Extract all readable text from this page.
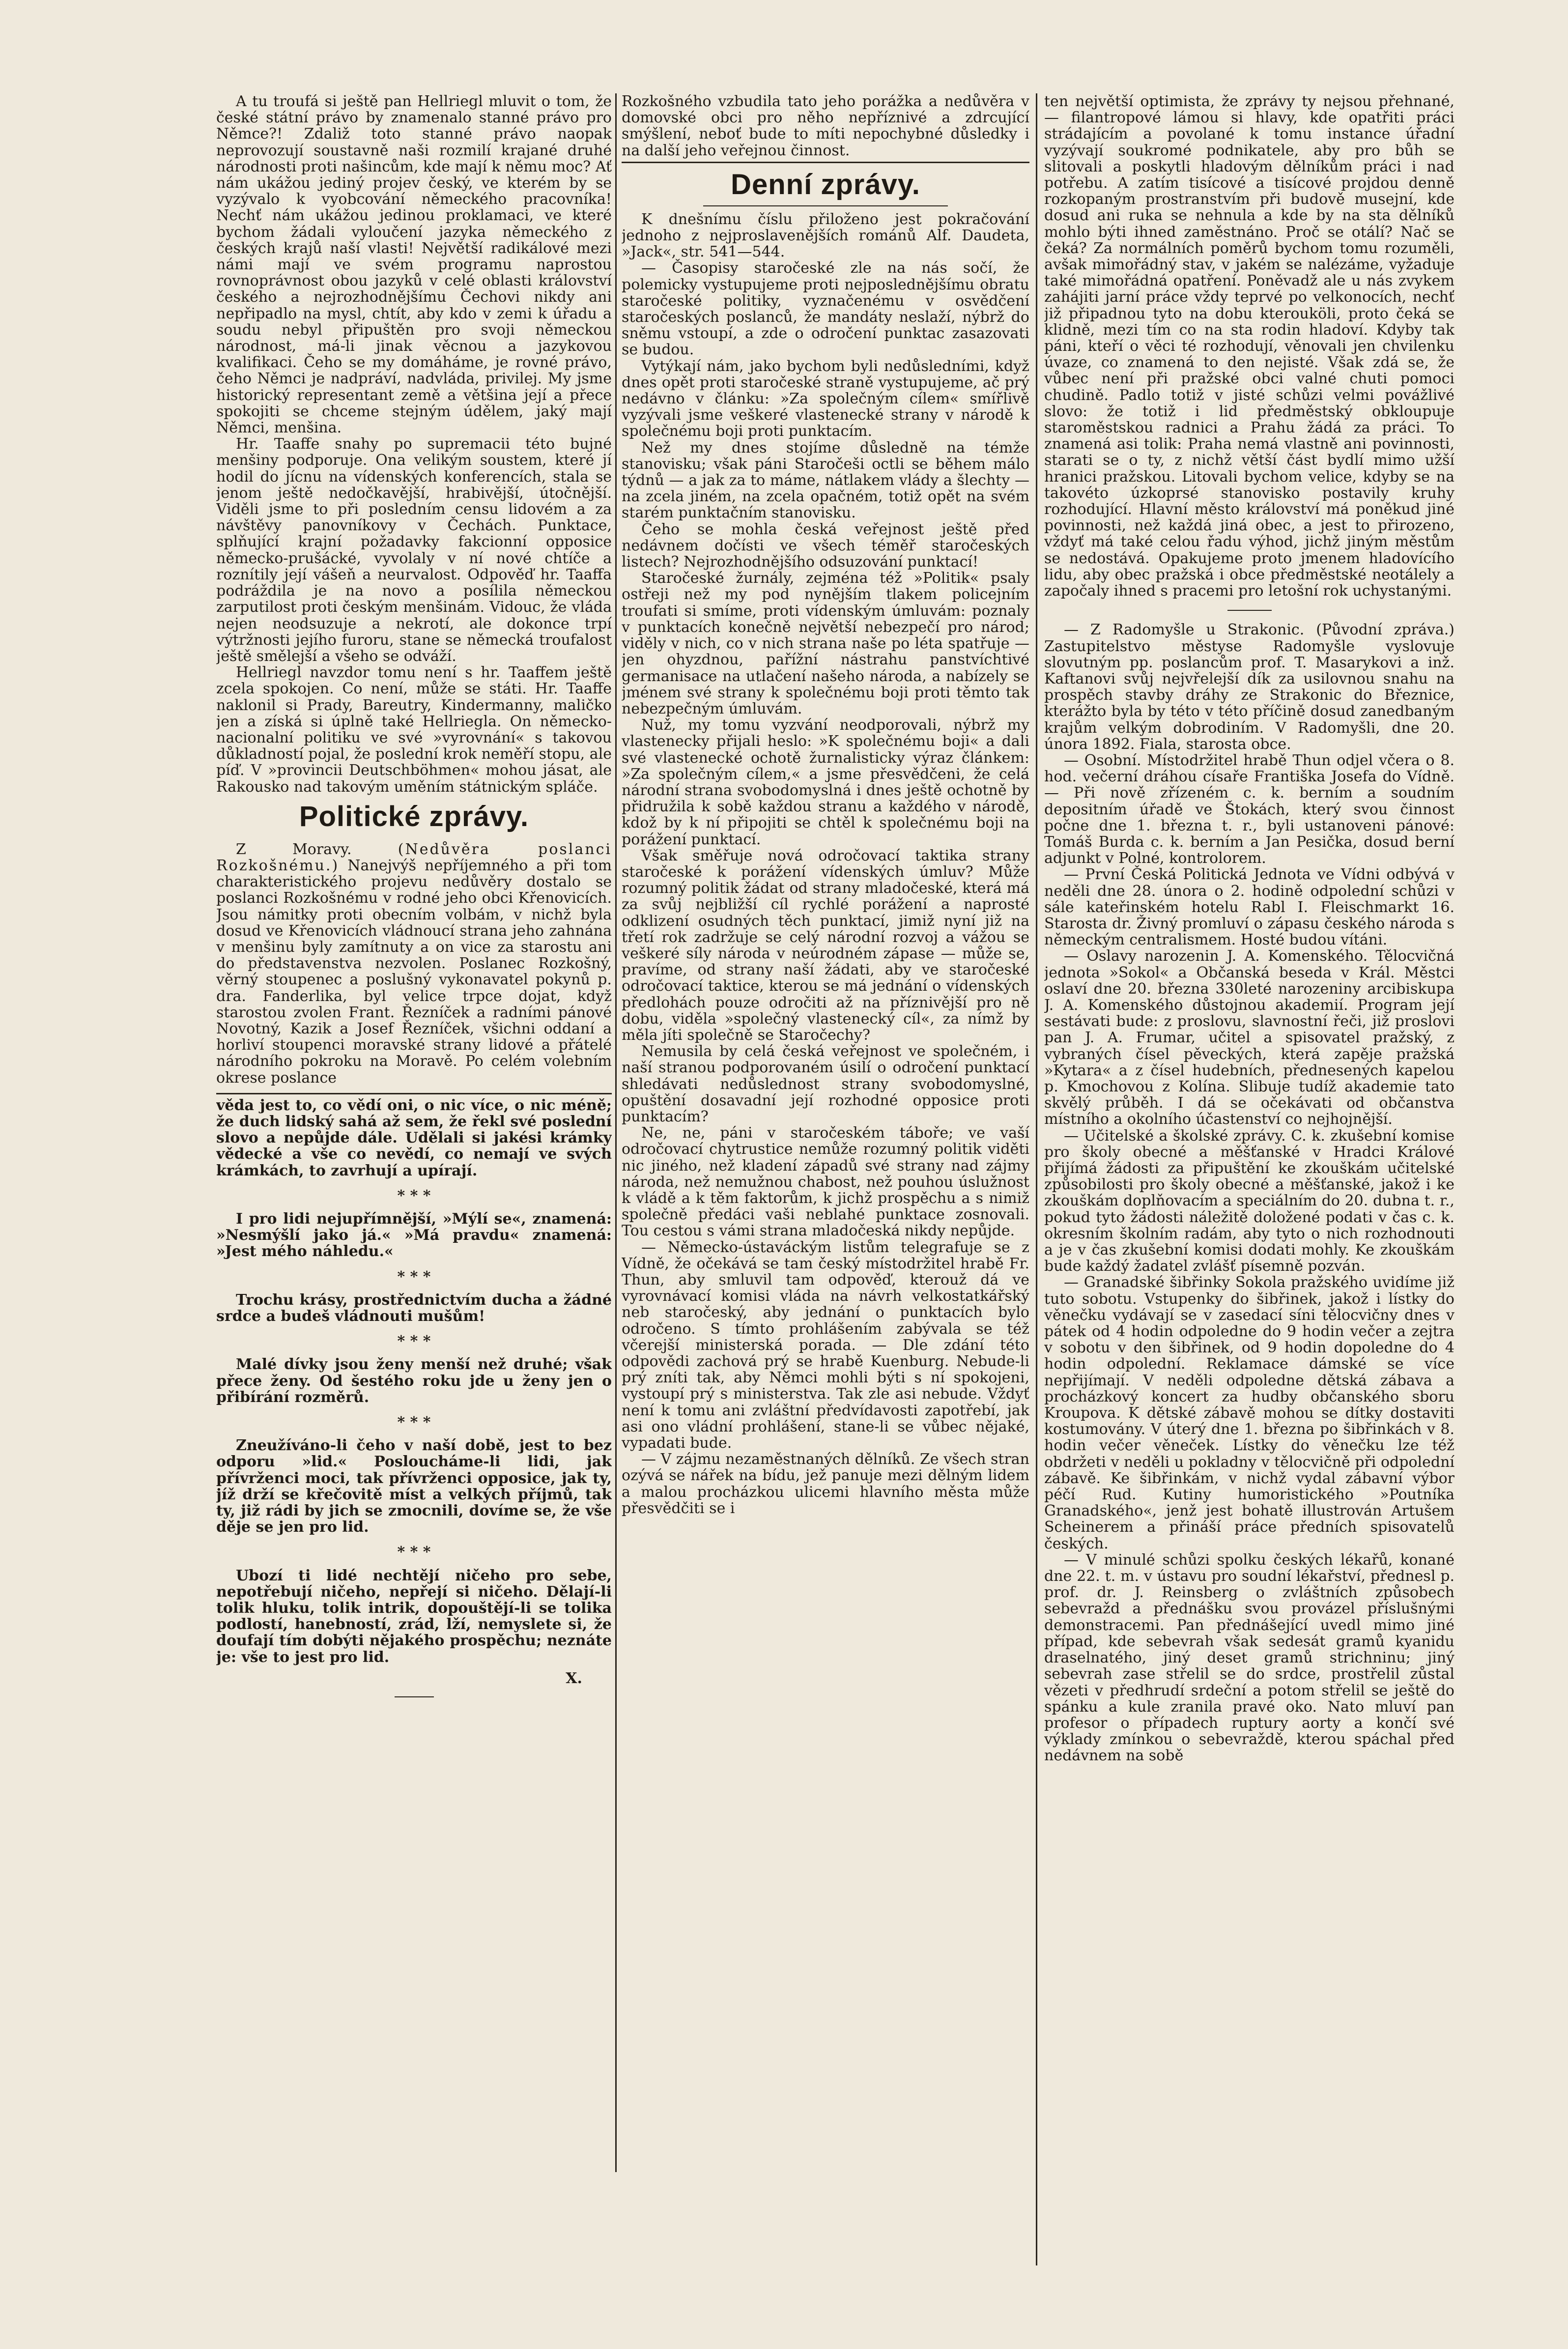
A tu troufá si ještě pan Hellriegl mluvit o tom, že české státní právo by znamenalo stanné právo pro Němce?! Zdaliž toto stanné právo naopak neprovozují soustavně naši rozmilí krajané druhé národnosti proti našincům, kde mají k němu moc? Ať nám ukážou jediný projev český, ve kterém by se vyzývalo k vyobcování německého pracovníka! Nechť nám ukážou jedinou proklamaci, ve které bychom žádali vyloučení jazyka německého z českých krajů naší vlasti! Největší radikálové mezi námi mají ve svém programu naprostou rovnoprávnost obou jazyků v celé oblasti království českého a nejrozhodnějšímu Čechovi nikdy ani nepřipadlo na mysl, chtít, aby kdo v zemi k úřadu a soudu nebyl připuštěn pro svoji německou národnost, má-li jinak věcnou a jazykovou kvalifikaci. Čeho se my domáháme, je rovné právo, čeho Němci je nadpráví, nadvláda, privilej. My jsme historický representant země a většina její a přece spokojiti se chceme stejným údělem, jaký mají Němci, menšina.

Hr. Taaffe snahy po supremacii této bujné menšiny podporuje. Ona velikým soustem, které jí hodil do jícnu na vídenských konferencích, stala se jenom ještě nedočkavější, hrabivější, útočnější. Viděli jsme to při posledním censu lidovém a za návštěvy panovníkovy v Čechách. Punktace, splňující krajní požadavky fakcionní opposice německo-prušácké, vyvolaly v ní nové chtíče a roznítily její vášeň a neurvalost. Odpověď hr. Taaffa podráždila je na novo a posílila německou zarputilost proti českým menšinám. Vidouc, že vláda nejen neodsuzuje a nekrotí, ale dokonce trpí výtržnosti jejího furoru, stane se německá troufalost ještě smělejší a všeho se odváží.

Hellriegl navzdor tomu není s hr. Taaffem ještě zcela spokojen. Co není, může se státi. Hr. Taaffe naklonil si Prady, Bareutry, Kindermanny, maličko jen a získá si úplně také Hellriegla. On německo-nacionalní politiku ve své »vyrovnání« s takovou důkladností pojal, že poslední krok neměří stopu, ale píď. V »provincii Deutschböhmen« mohou jásat, ale Rakousko nad takovým uměním státnickým spláče.

Politické zprávy.

Z Moravy.	(Nedůvěra poslanci Rozkošnému.) Nanejvýš nepříjemného a při tom charakteristického projevu nedůvěry dostalo se poslanci Rozkošnému v rodné jeho obci Křenovicích. Jsou námitky proti obecním volbám, v nichž byla dosud ve Křenovicích vládnoucí strana jeho zahnána v menšinu byly zamítnuty a on vice za starostu ani do představenstva nezvolen. Poslanec Rozkošný, věrný stoupenec a poslušný vykonavatel pokynů p. dra. Fanderlika, byl velice trpce dojat, když starostou zvolen Frant. Řezníček a radními pánové Novotný, Kazik a Josef Řezníček, všichni oddaní a horliví stoupenci moravské strany lidové a přátelé národního pokroku na Moravě. Po celém volebním okrese poslance

věda jest to, co vědí oni, o nic více, o nic méně; že duch lidský sahá až sem, že řekl své poslední slovo a nepůjde dále. Udělali si jakési krámky vědecké a vše co nevědí, co nemají ve svých krámkách, to zavrhují a upírají.

* * *

I pro lidi nejupřímnější, »Mýlí se«, znamená: »Nesmýšlí jako já.« »Má pravdu« znamená: »Jest mého náhledu.«

* * *

Trochu krásy, prostřednictvím ducha a žádné srdce a budeš vládnouti mušům!

* * *

Malé dívky jsou ženy menší než druhé; však přece ženy. Od šestého roku jde u ženy jen o přibírání rozměrů.

* * *

Zneužíváno-li čeho v naší době, jest to bez odporu »lid.« Posloucháme-li lidi, jak přívrženci moci, tak přívrženci opposice, jak ty, jíž drží se křečovitě míst a velkých příjmů, tak ty, již rádi by jich se zmocnili, dovíme se, že vše děje se jen pro lid.

* * *

Ubozí ti lidé nechtějí ničeho pro sebe, nepotřebují ničeho, nepřejí si ničeho. Dělají-li tolik hluku, tolik intrik, dopouštějí-li se tolika podlostí, hanebností, zrád, lží, nemyslete si, že doufají tím dobýti nějakého prospěchu; neznáte je: vše to jest pro lid.

X.

Rozkošného vzbudila tato jeho porážka a nedůvěra v domovské obci pro něho nepříznivé a zdrcující smýšlení, neboť bude to míti nepochybné důsledky i na další jeho veřejnou činnost.

Denní zprávy.

K dnešnímu číslu přiloženo jest pokračování jednoho z nejproslavenějších románů Alf. Daudeta, »Jack«, str. 541—544.

— Časopisy staročeské zle na nás sočí, že polemicky vystupujeme proti nejposlednějšímu obratu staročeské politiky, vyznačenému v osvědčení staročeských poslanců, že mandáty neslaží, nýbrž do sněmu vstoupí, a zde o odročení punktac zasazovati se budou.

Vytýkají nám, jako bychom byli nedůsledními, když dnes opět proti staročeské straně vystupujeme, ač prý nedávno v článku: »Za společným cílem« smířlivě vyzývali jsme veškeré vlastenecké strany v národě k společnému boji proti punktacím.

Než my dnes stojíme důsledně na témže stanovisku; však páni Staročeši octli se během málo týdnů — a jak za to máme, nátlakem vlády a šlechty — na zcela jiném, na zcela opačném, totiž opět na svém starém punktačním stanovisku.

Čeho se mohla česká veřejnost ještě před nedávnem dočísti ve všech téměř staročeských listech? Nejrozhodnějšího odsuzování punktací!

Staročeské žurnály, zejména též »Politik« psaly ostřeji než my pod nynějším tlakem policejním troufati si smíme, proti vídenským úmluvám: poznaly v punktacích konečně největší nebezpečí pro národ; viděly v nich, co v nich strana naše po léta spatřuje — jen ohyzdnou, pařížní nástrahu panstvíchtivé germanisace na utlačení našeho národa, a nabízely se jménem své strany k společnému boji proti těmto tak nebezpečným úmluvám.

Nuž, my tomu vyzvání neodporovali, nýbrž my vlastenecky přijali heslo: »K společnému boji« a dali své vlastenecké ochotě žurnalisticky výraz článkem: »Za společným cílem,« a jsme přesvědčeni, že celá národní strana svobodomyslná i dnes ještě ochotně by přidružila k sobě každou stranu a každého v národě, kdož by k ní připojiti se chtěl k společnému boji na porážení punktací.

Však směřuje nová odročovací taktika strany staročeské k porážení vídenských úmluv? Může rozumný politik žádat od strany mladočeské, která má za svůj nejbližší cíl rychlé porážení a naprosté odklizení osudných těch punktací, jimiž nyní již na třetí rok zadržuje se celý národní rozvoj a vážou se veškeré síly národa v neúrodném zápase — může se, pravíme, od strany naší žádati, aby ve staročeské odročovací taktice, kterou se má jednání o vídenských předlohách pouze odročiti až na příznivější pro ně dobu, viděla »společný vlastenecký cíl«, za nímž by měla jíti společně se Staročechy?

Nemusila by celá česká veřejnost ve společném, i naší stranou podporovaném úsilí o odročení punktací shledávati nedůslednost strany svobodomyslné, opuštění dosavadní její rozhodné opposice proti punktacím?

Ne, ne, páni v staročeském táboře; ve vaší odročovací chytrustice nemůže rozumný politik viděti nic jiného, než kladení západů své strany nad zájmy národa, než nemužnou chabost, než pouhou úslužnost k vládě a k těm faktorům, k jichž prospěchu a s nimiž společně předáci vaši neblahé punktace zosnovali. Tou cestou s vámi strana mladočeská nikdy nepůjde.

— Německo-ústaváckým listům telegrafuje se z Vídně, že očekává se tam český místodržitel hrabě Fr. Thun, aby smluvil tam odpověď, kterouž dá ve vyrovnávací komisi vláda na návrh velkostatkářský neb staročeský, aby jednání o punktacích bylo odročeno. S tímto prohlášením zabývala se též včerejší ministerská porada. — Dle zdání této odpovědi zachová prý se hrabě Kuenburg. Nebude-li prý zníti tak, aby Němci mohli býti s ní spokojeni, vystoupí prý s ministerstva. Tak zle asi nebude. Vždyť není k tomu ani zvláštní předvídavosti zapotřebí, jak asi ono vládní prohlášení, stane-li se vůbec nějaké, vypadati bude.

— V zájmu nezaměstnaných dělníků. Ze všech stran ozývá se nářek na bídu, jež panuje mezi dělným lidem a malou procházkou ulicemi hlavního města může přesvědčiti se i

ten největší optimista, že zprávy ty nejsou přehnané, — filantropové lámou si hlavy, kde opatřiti práci strádajícím a povolané k tomu instance úřadní vyzývají soukromé podnikatele, aby pro bůh se slitovali a poskytli hladovým dělníkům práci i nad potřebu. A zatím tisícové a tisícové projdou denně rozkopaným prostranstvím při budově musejní, kde dosud ani ruka se nehnula a kde by na sta dělníků mohlo býti ihned zaměstnáno. Proč se otálí? Nač se čeká? Za normálních poměrů bychom tomu rozuměli, avšak mimořádný stav, v jakém se nalézáme, vyžaduje také mimořádná opatření. Poněvadž ale u nás zvykem zahájiti jarní práce vždy teprvé po velkonocích, nechť již připadnou tyto na dobu kterouköli, proto čeká se klidně, mezi tím co na sta rodin hladoví. Kdyby tak páni, kteří o věci té rozhodují, věnovali jen chvilenku úvaze, co znamená to den nejisté. Však zdá se, že vůbec není při pražské obci valné chuti pomoci chudině. Padlo totiž v jisté schůzi velmi povážlivé slovo: že totiž i lid předměstský obkloupuje staroměstskou radnici a Prahu žádá za práci. To znamená asi tolik: Praha nemá vlastně ani povinnosti, starati se o ty, z nichž větší část bydlí mimo užší hranici pražskou. Litovali bychom velice, kdyby se na takovéto úzkoprsé stanovisko postavily kruhy rozhodující. Hlavní město království má poněkud jiné povinnosti, než každá jiná obec, a jest to přirozeno, vždyť má také celou řadu výhod, jichž jiným městům se nedostává. Opakujeme proto jmenem hladovícího lidu, aby obec pražská i obce předměstské neotálely a započaly ihned s pracemi pro letošní rok uchystanými.

— Z Radomyšle u Strakonic. (Původní zpráva.) Zastupitelstvo městyse Radomyšle vyslovuje slovutným pp. poslancům prof. T. Masarykovi a inž. Kaftanovi svůj nejvřelejší dík za usilovnou snahu na prospěch stavby dráhy ze Strakonic do Březnice, kterážto byla by této v této příčině dosud zanedbaným krajům velkým dobrodiním. V Radomyšli, dne 20. února 1892. Fiala, starosta obce.

— Osobní. Místodržitel hrabě Thun odjel včera o 8. hod. večerní dráhou císaře Františka Josefa do Vídně. — Při nově zřízeném c. k. berním a soudním depositním úřadě ve Štokách, který svou činnost počne dne 1. března t. r., byli ustanoveni pánové: Tomáš Burda c. k. berním a Jan Pesička, dosud berní adjunkt v Polné, kontrolorem.

— První Česká Politická Jednota ve Vídni odbývá v neděli dne 28. února o 2. hodině odpolední schůzi v sále kateřinském hotelu Rabl I. Fleischmarkt 16. Starosta dr. Živný promluví o zápasu českého národa s německým centralismem. Hosté budou vítáni.

— Oslavy narozenin J. A. Komenského. Tělocvičná jednota »Sokol« a Občanská beseda v Král. Městci oslaví dne 20. března 330leté narozeniny arcibiskupa J. A. Komenského důstojnou akademií. Program její sestávati bude: z proslovu, slavnostní řeči, již proslovi pan J. A. Frumar, učitel a spisovatel pražský, z vybraných čísel pěveckých, která zapěje pražská »Kytara« a z čísel hudebních, přednesených kapelou p. Kmochovou z Kolína. Slibuje tudíž akademie tato skvělý průběh. I dá se očekávati od občanstva místního a okolního účastenství co nejhojnější.

— Učitelské a školské zprávy. C. k. zkušební komise pro školy obecné a měšťanské v Hradci Králové přijímá žádosti za připuštění ke zkouškám učitelské způsobilosti pro školy obecné a měšťanské, jakož i ke zkouškám doplňovacím a speciálním do 20. dubna t. r., pokud tyto žádosti náležitě doložené podati v čas c. k. okresním školním radám, aby tyto o nich rozhodnouti a je v čas zkušební komisi dodati mohly. Ke zkouškám bude každý žadatel zvlášť písemně pozván.

— Granadské šibřinky Sokola pražského uvidíme již tuto sobotu. Vstupenky do šibřinek, jakož i lístky do věnečku vydávají se v zasedací síni tělocvičny dnes v pátek od 4 hodin odpoledne do 9 hodin večer a zejtra v sobotu v den šibřinek, od 9 hodin dopoledne do 4 hodin odpolední. Reklamace dámské se více nepřijímají. V neděli odpoledne dětská zábava a procházkový koncert za hudby občanského sboru Kroupova. K dětské zábavě mohou se dítky dostaviti kostumovány. V úterý dne 1. března po šibřinkách v 8. hodin večer věneček. Lístky do věnečku lze též obdržeti v neděli u pokladny v tělocvičně při odpolední zábavě. Ke šibřinkám, v nichž vydal zábavní výbor péčí Rud. Kutiny humoristického »Poutníka Granadského«, jenž jest bohatě illustrován Artušem Scheinerem a přináší práce předních spisovatelů českých.

— V minulé schůzi spolku českých lékařů, konané dne 22. t. m. v ústavu pro soudní lékařství, přednesl p. prof. dr. J. Reinsberg o zvláštních způsobech sebevražd a přednášku svou provázel příslušnými demonstracemi. Pan přednášející uvedl mimo jiné případ, kde sebevrah však sedesát gramů kyanidu draselnatého, jiný deset gramů strichninu; jiný sebevrah zase střelil se do srdce, prostřelil zůstal vězeti v předhrudí srdeční a potom střelil se ještě do spánku a kule zranila pravé oko. Nato mluví pan profesor o případech ruptury aorty a končí své výklady zmínkou o sebevraždě, kterou spáchal před nedávnem na sobě
